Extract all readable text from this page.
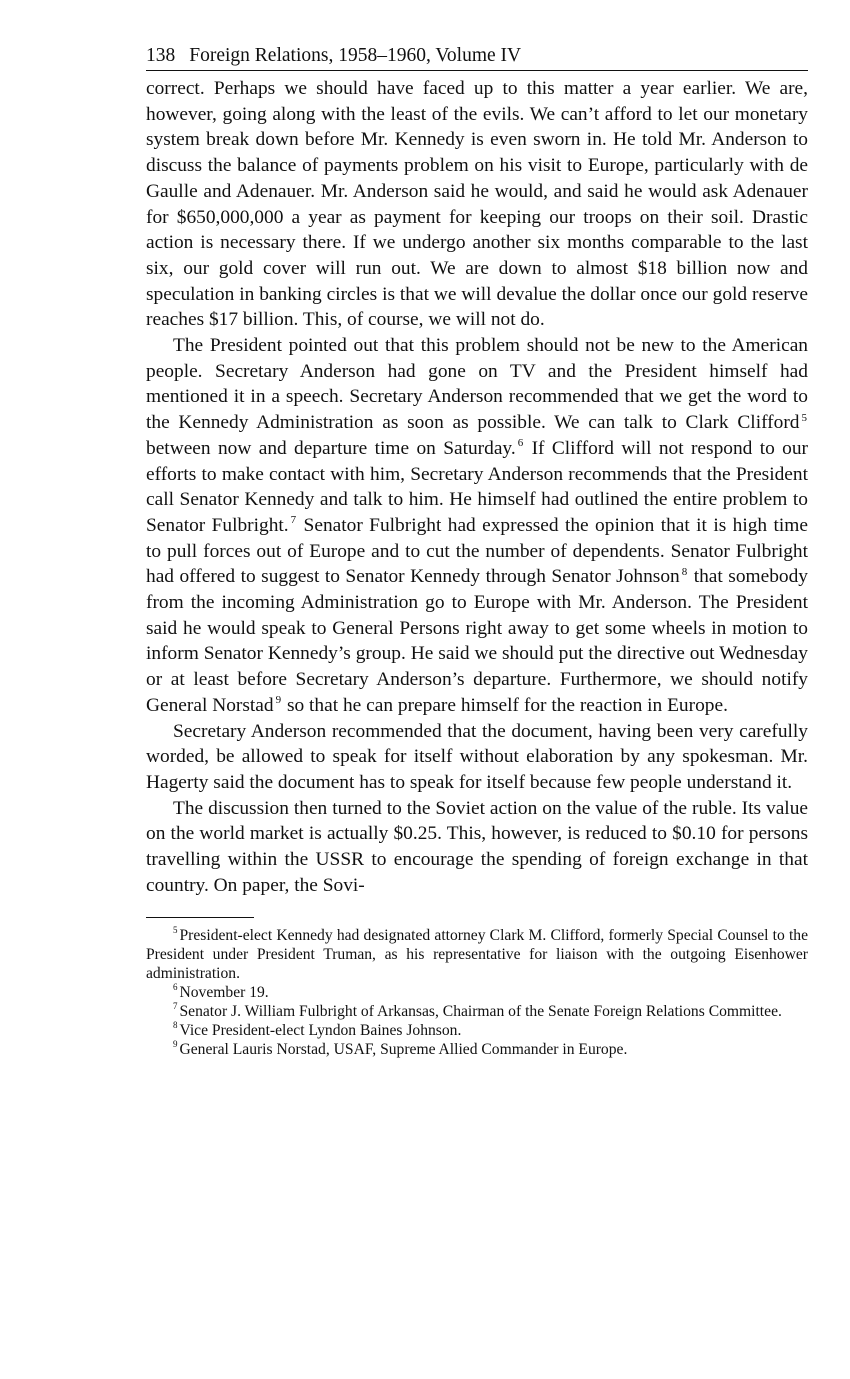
138 Foreign Relations, 1958–1960, Volume IV

correct. Perhaps we should have faced up to this matter a year earlier. We are, however, going along with the least of the evils. We can’t afford to let our monetary system break down before Mr. Kennedy is even sworn in. He told Mr. Anderson to discuss the balance of payments problem on his visit to Europe, particularly with de Gaulle and Adenauer. Mr. Anderson said he would, and said he would ask Adenauer for $650,000,000 a year as payment for keeping our troops on their soil. Drastic action is necessary there. If we undergo another six months comparable to the last six, our gold cover will run out. We are down to almost $18 billion now and speculation in banking circles is that we will devalue the dollar once our gold reserve reaches $17 billion. This, of course, we will not do.

The President pointed out that this problem should not be new to the American people. Secretary Anderson had gone on TV and the President himself had mentioned it in a speech. Secretary Anderson recommended that we get the word to the Kennedy Administration as soon as possible. We can talk to Clark Clifford $^5$ between now and departure time on Saturday. $^6$ If Clifford will not respond to our efforts to make contact with him, Secretary Anderson recommends that the President call Senator Kennedy and talk to him. He himself had outlined the entire problem to Senator Fulbright. $^7$ Senator Fulbright had expressed the opinion that it is high time to pull forces out of Europe and to cut the number of dependents. Senator Fulbright had offered to suggest to Senator Kennedy through Senator Johnson $^8$ that somebody from the incoming Administration go to Europe with Mr. Anderson. The President said he would speak to General Persons right away to get some wheels in motion to inform Senator Kennedy’s group. He said we should put the directive out Wednesday or at least before Secretary Anderson’s departure. Furthermore, we should notify General Norstad $^9$ so that he can prepare himself for the reaction in Europe.

Secretary Anderson recommended that the document, having been very carefully worded, be allowed to speak for itself without elaboration by any spokesman. Mr. Hagerty said the document has to speak for itself because few people understand it.

The discussion then turned to the Soviet action on the value of the ruble. Its value on the world market is actually $0.25. This, however, is reduced to $0.10 for persons travelling within the USSR to encourage the spending of foreign exchange in that country. On paper, the Sovi-

$^5$ President-elect Kennedy had designated attorney Clark M. Clifford, formerly Special Counsel to the President under President Truman, as his representative for liaison with the outgoing Eisenhower administration.

$^6$ November 19.

$^7$ Senator J. William Fulbright of Arkansas, Chairman of the Senate Foreign Relations Committee.

$^8$ Vice President-elect Lyndon Baines Johnson.

$^9$ General Lauris Norstad, USAF, Supreme Allied Commander in Europe.
